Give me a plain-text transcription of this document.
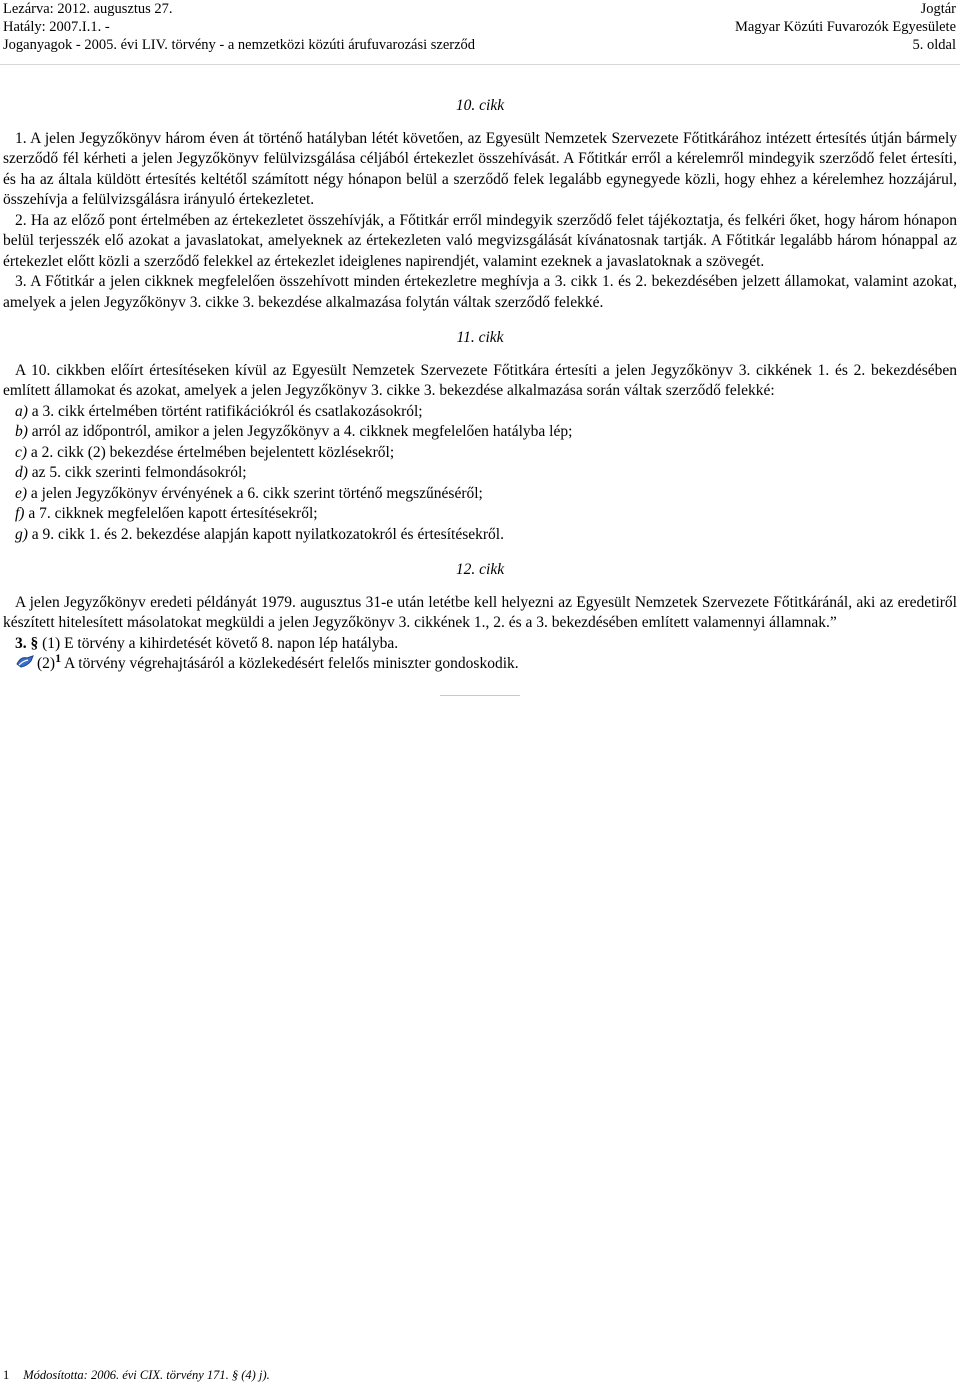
Lezárva: 2012. augusztus 27.
Hatály: 2007.I.1. -
Joganyagok - 2005. évi LIV. törvény - a nemzetközi közúti árufuvarozási szerződ
Jogtár
Magyar Közúti Fuvarozók Egyesülete
5. oldal

10. cikk

1. A jelen Jegyzőkönyv három éven át történő hatályban létét követően, az Egyesült Nemzetek Szervezete Főtitkárához intézett értesítés útján bármely szerződő fél kérheti a jelen Jegyzőkönyv felülvizsgálása céljából értekezlet összehívását. A Főtitkár erről a kérelemről mindegyik szerződő felet értesíti, és ha az általa küldött értesítés keltétől számított négy hónapon belül a szerződő felek legalább egynegyede közli, hogy ehhez a kérelemhez hozzájárul, összehívja a felülvizsgálásra irányuló értekezletet.

2. Ha az előző pont értelmében az értekezletet összehívják, a Főtitkár erről mindegyik szerződő felet tájékoztatja, és felkéri őket, hogy három hónapon belül terjesszék elő azokat a javaslatokat, amelyeknek az értekezleten való megvizsgálását kívánatosnak tartják. A Főtitkár legalább három hónappal az értekezlet előtt közli a szerződő felekkel az értekezlet ideiglenes napirendjét, valamint ezeknek a javaslatoknak a szövegét.

3. A Főtitkár a jelen cikknek megfelelően összehívott minden értekezletre meghívja a 3. cikk 1. és 2. bekezdésében jelzett államokat, valamint azokat, amelyek a jelen Jegyzőkönyv 3. cikke 3. bekezdése alkalmazása folytán váltak szerződő felekké.

11. cikk

A 10. cikkben előírt értesítéseken kívül az Egyesült Nemzetek Szervezete Főtitkára értesíti a jelen Jegyzőkönyv 3. cikkének 1. és 2. bekezdésében említett államokat és azokat, amelyek a jelen Jegyzőkönyv 3. cikke 3. bekezdése alkalmazása során váltak szerződő felekké:

a) a 3. cikk értelmében történt ratifikációkról és csatlakozásokról;

b) arról az időpontról, amikor a jelen Jegyzőkönyv a 4. cikknek megfelelően hatályba lép;

c) a 2. cikk (2) bekezdése értelmében bejelentett közlésekről;

d) az 5. cikk szerinti felmondásokról;

e) a jelen Jegyzőkönyv érvényének a 6. cikk szerint történő megszűnéséről;

f) a 7. cikknek megfelelően kapott értesítésekről;

g) a 9. cikk 1. és 2. bekezdése alapján kapott nyilatkozatokról és értesítésekről.

12. cikk

A jelen Jegyzőkönyv eredeti példányát 1979. augusztus 31-e után letétbe kell helyezni az Egyesült Nemzetek Szervezete Főtitkáránál, aki az eredetiről készített hitelesített másolatokat megküldi a jelen Jegyzőkönyv 3. cikkének 1., 2. és a 3. bekezdésében említett valamennyi államnak.”

3. § (1) E törvény a kihirdetését követő 8. napon lép hatályba.

$(2)^1$ A törvény végrehajtásáról a közlekedésért felelős miniszter gondoskodik.

1 Módosította: 2006. évi CIX. törvény 171. § (4) j).
